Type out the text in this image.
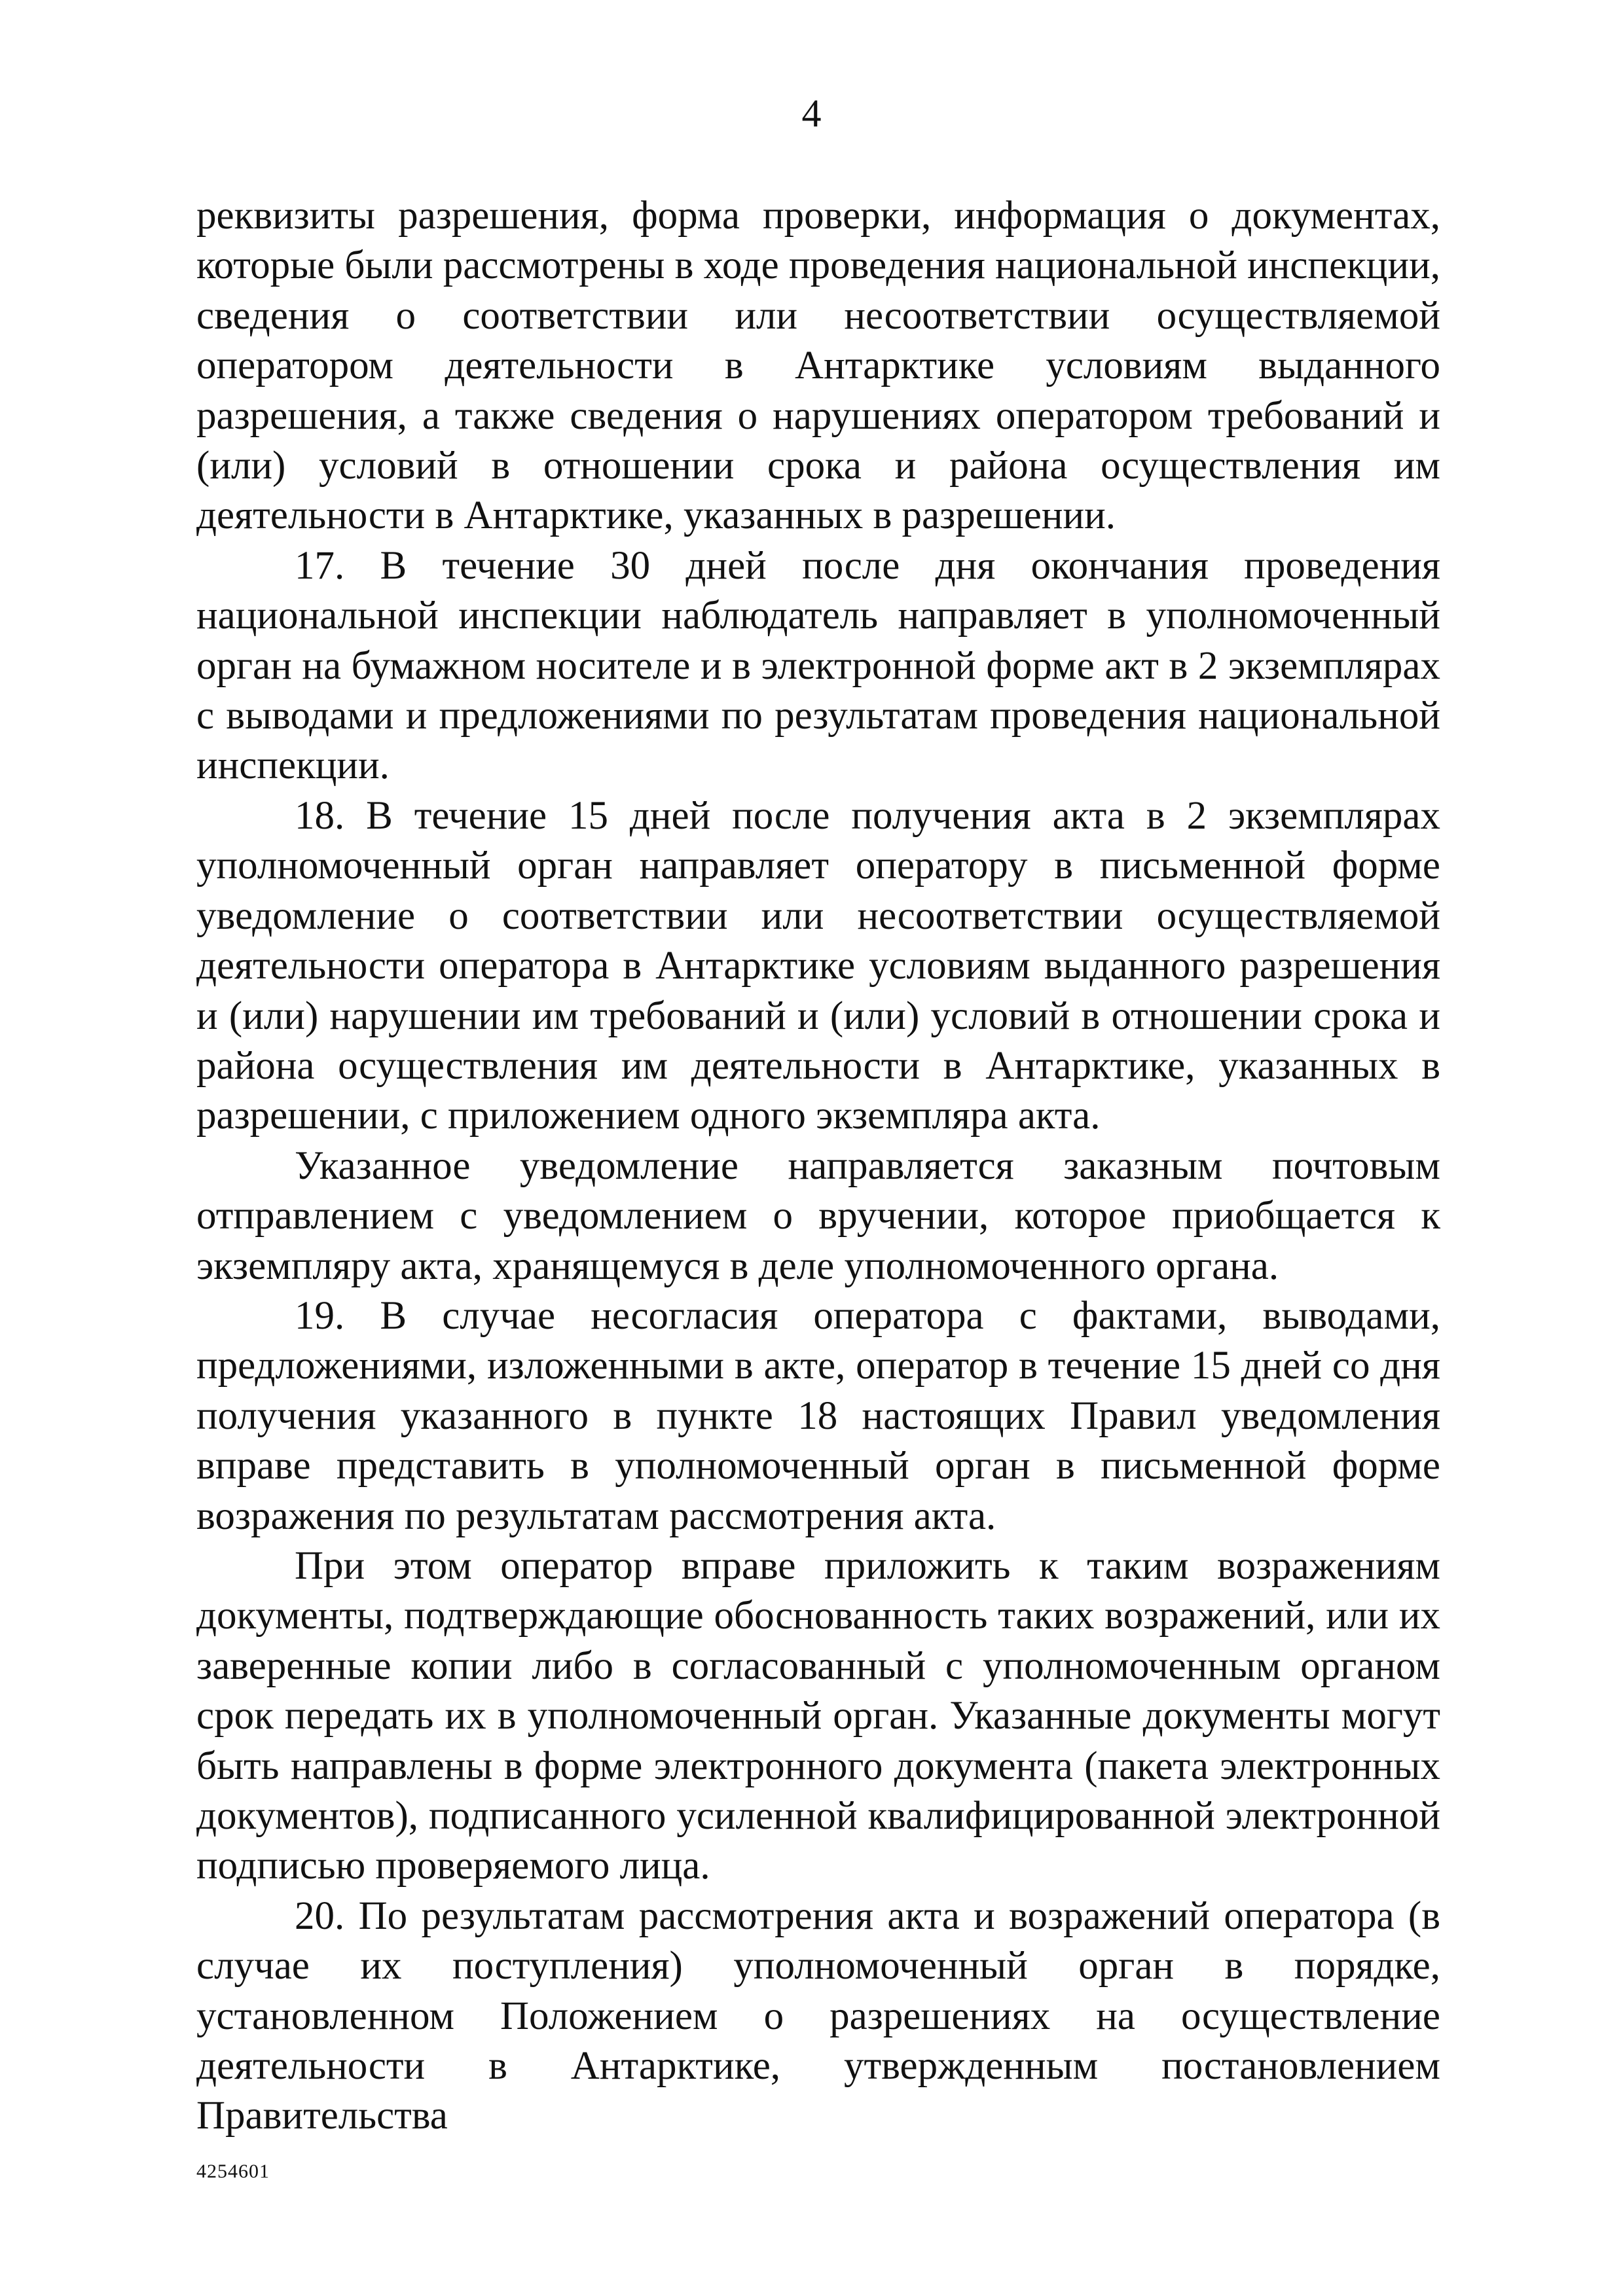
4

реквизиты разрешения, форма проверки, информация о документах, которые были рассмотрены в ходе проведения национальной инспекции, сведения о соответствии или несоответствии осуществляемой оператором деятельности в Антарктике условиям выданного разрешения, а также сведения о нарушениях оператором требований и (или) условий в отношении срока и района осуществления им деятельности в Антарктике, указанных в разрешении.

17. В течение 30 дней после дня окончания проведения национальной инспекции наблюдатель направляет в уполномоченный орган на бумажном носителе и в электронной форме акт в 2 экземплярах с выводами и предложениями по результатам проведения национальной инспекции.

18. В течение 15 дней после получения акта в 2 экземплярах уполномоченный орган направляет оператору в письменной форме уведомление о соответствии или несоответствии осуществляемой деятельности оператора в Антарктике условиям выданного разрешения и (или) нарушении им требований и (или) условий в отношении срока и района осуществления им деятельности в Антарктике, указанных в разрешении, с приложением одного экземпляра акта.

Указанное уведомление направляется заказным почтовым отправлением с уведомлением о вручении, которое приобщается к экземпляру акта, хранящемуся в деле уполномоченного органа.

19. В случае несогласия оператора с фактами, выводами, предложениями, изложенными в акте, оператор в течение 15 дней со дня получения указанного в пункте 18 настоящих Правил уведомления вправе представить в уполномоченный орган в письменной форме возражения по результатам рассмотрения акта.

При этом оператор вправе приложить к таким возражениям документы, подтверждающие обоснованность таких возражений, или их заверенные копии либо в согласованный с уполномоченным органом срок передать их в уполномоченный орган. Указанные документы могут быть направлены в форме электронного документа (пакета электронных документов), подписанного усиленной квалифицированной электронной подписью проверяемого лица.

20. По результатам рассмотрения акта и возражений оператора (в случае их поступления) уполномоченный орган в порядке, установленном Положением о разрешениях на осуществление деятельности в Антарктике, утвержденным постановлением Правительства

4254601
